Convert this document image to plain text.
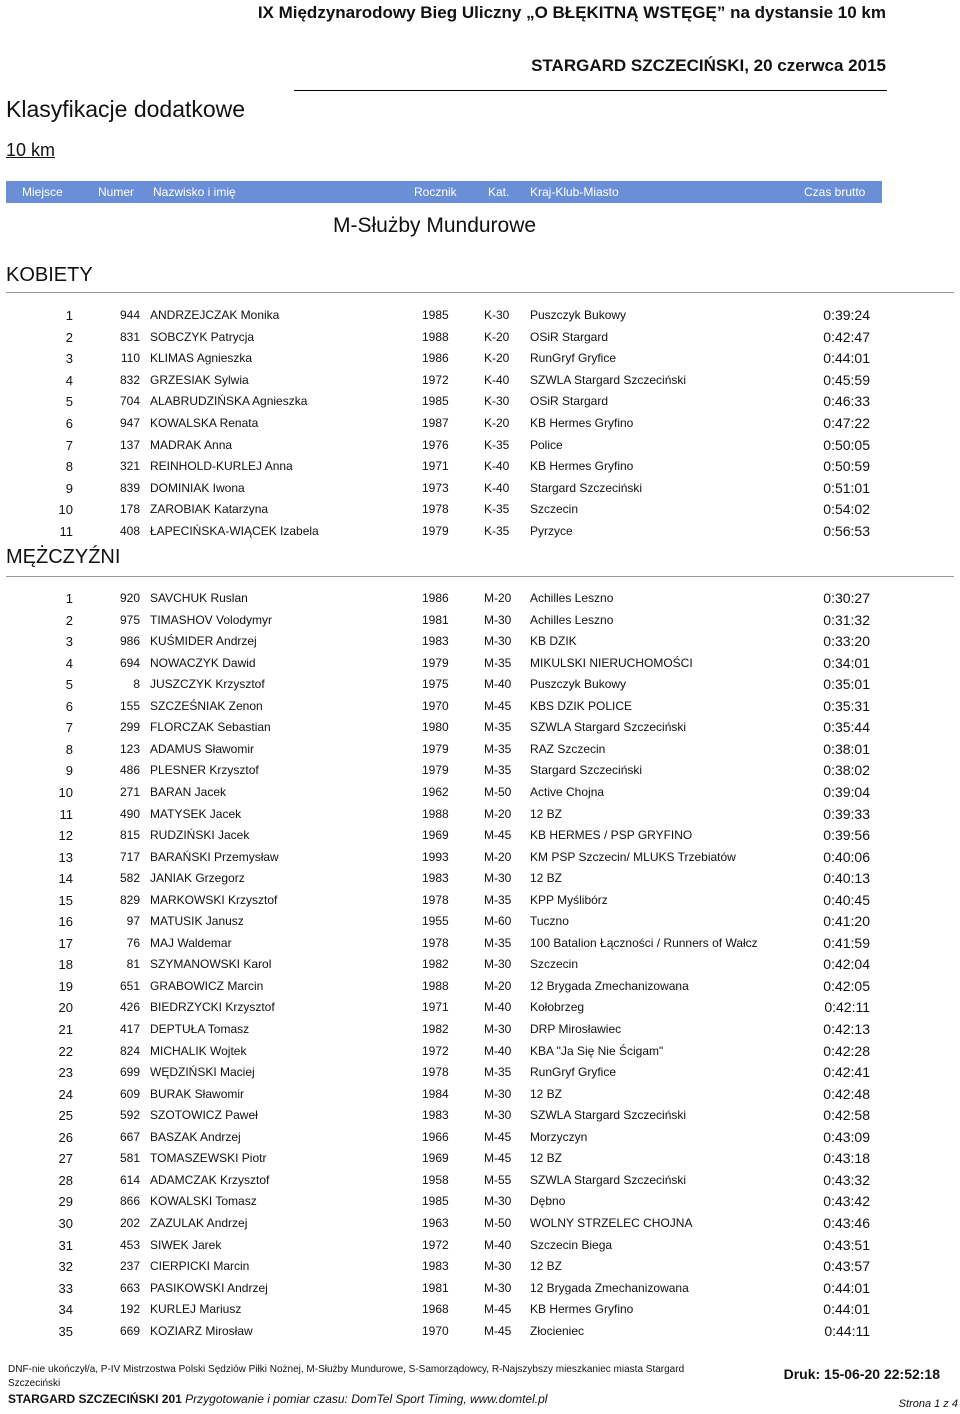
IX Międzynarodowy Bieg Uliczny „O BŁĘKITNĄ WSTĘGĘ” na dystansie 10 km
STARGARD SZCZECIŃSKI, 20 czerwca 2015
Klasyfikacje dodatkowe
10 km
Miejsce	Numer Nazwisko i imię	Rocznik	Kat. Kraj-Klub-Miasto	Czas brutto
M-Służby Mundurowe
KOBIETY
1	944 ANDRZEJCZAK Monika	1985	K-30 Puszczyk Bukowy	0:39:24
2	831 SOBCZYK Patrycja	1988	K-20 OSiR Stargard	0:42:47
3	110 KLIMAS Agnieszka	1986	K-20 RunGryf Gryfice	0:44:01
4	832 GRZESIAK Sylwia	1972	K-40 SZWLA Stargard Szczeciński	0:45:59
5	704 ALABRUDZIŃSKA Agnieszka	1985	K-30 OSiR Stargard	0:46:33
6	947 KOWALSKA Renata	1987	K-20 KB Hermes Gryfino	0:47:22
7	137 MADRAK Anna	1976	K-35 Police	0:50:05
8	321 REINHOLD-KURLEJ Anna	1971	K-40 KB Hermes Gryfino	0:50:59
9	839 DOMINIAK Iwona	1973	K-40 Stargard Szczeciński	0:51:01
10	178 ZAROBIAK Katarzyna	1978	K-35 Szczecin	0:54:02
11	408 ŁAPECIŃSKA-WIĄCEK Izabela	1979	K-35 Pyrzyce	0:56:53
MĘŻCZYŹNI
1	920 SAVCHUK Ruslan	1986	M-20 Achilles Leszno	0:30:27
2	975 TIMASHOV Volodymyr	1981	M-30 Achilles Leszno	0:31:32
3	986 KUŚMIDER Andrzej	1983	M-30 KB DZIK	0:33:20
4	694 NOWACZYK Dawid	1979	M-35 MIKULSKI NIERUCHOMOŚCI	0:34:01
5	8 JUSZCZYK Krzysztof	1975	M-40 Puszczyk Bukowy	0:35:01
6	155 SZCZEŚNIAK Zenon	1970	M-45 KBS DZIK POLICE	0:35:31
7	299 FLORCZAK Sebastian	1980	M-35 SZWLA Stargard Szczeciński	0:35:44
8	123 ADAMUS Sławomir	1979	M-35 RAZ Szczecin	0:38:01
9	486 PLESNER Krzysztof	1979	M-35 Stargard Szczeciński	0:38:02
10	271 BARAN Jacek	1962	M-50 Active Chojna	0:39:04
11	490 MATYSEK Jacek	1988	M-20 12 BZ	0:39:33
12	815 RUDZIŃSKI Jacek	1969	M-45 KB HERMES / PSP GRYFINO	0:39:56
13	717 BARAŃSKI Przemysław	1993	M-20 KM PSP Szczecin/ MLUKS Trzebiatów	0:40:06
14	582 JANIAK Grzegorz	1983	M-30 12 BZ	0:40:13
15	829 MARKOWSKI Krzysztof	1978	M-35 KPP Myślibórz	0:40:45
16	97 MATUSIK Janusz	1955	M-60 Tuczno	0:41:20
17	76 MAJ Waldemar	1978	M-35 100 Batalion Łączności / Runners of Wałcz	0:41:59
18	81 SZYMANOWSKI Karol	1982	M-30 Szczecin	0:42:04
19	651 GRABOWICZ Marcin	1988	M-20 12 Brygada Zmechanizowana	0:42:05
20	426 BIEDRZYCKI Krzysztof	1971	M-40 Kołobrzeg	0:42:11
21	417 DEPTUŁA Tomasz	1982	M-30 DRP Mirosławiec	0:42:13
22	824 MICHALIK Wojtek	1972	M-40 KBA "Ja Się Nie Ścigam"	0:42:28
23	699 WĘDZIŃSKI Maciej	1978	M-35 RunGryf Gryfice	0:42:41
24	609 BURAK Sławomir	1984	M-30 12 BZ	0:42:48
25	592 SZOTOWICZ Paweł	1983	M-30 SZWLA Stargard Szczeciński	0:42:58
26	667 BASZAK Andrzej	1966	M-45 Morzyczyn	0:43:09
27	581 TOMASZEWSKI Piotr	1969	M-45 12 BZ	0:43:18
28	614 ADAMCZAK Krzysztof	1958	M-55 SZWLA Stargard Szczeciński	0:43:32
29	866 KOWALSKI Tomasz	1985	M-30 Dębno	0:43:42
30	202 ZAZULAK Andrzej	1963	M-50 WOLNY STRZELEC CHOJNA	0:43:46
31	453 SIWEK Jarek	1972	M-40 Szczecin Biega	0:43:51
32	237 CIERPICKI Marcin	1983	M-30 12 BZ	0:43:57
33	663 PASIKOWSKI Andrzej	1981	M-30 12 Brygada Zmechanizowana	0:44:01
34	192 KURLEJ Mariusz	1968	M-45 KB Hermes Gryfino	0:44:01
35	669 KOZIARZ Mirosław	1970	M-45 Złocieniec	0:44:11
DNF-nie ukończył/a, P-IV Mistrzostwa Polski Sędziów Piłki Nożnej, M-Służby Mundurowe, S-Samorządowcy, R-Najszybszy mieszkaniec miasta Stargard
Szczeciński
STARGARD SZCZECIŃSKI 201 Przygotowanie i pomiar czasu: DomTel Sport Timing, www.domtel.pl
Druk: 15-06-20 22:52:18
Strona 1 z 4
